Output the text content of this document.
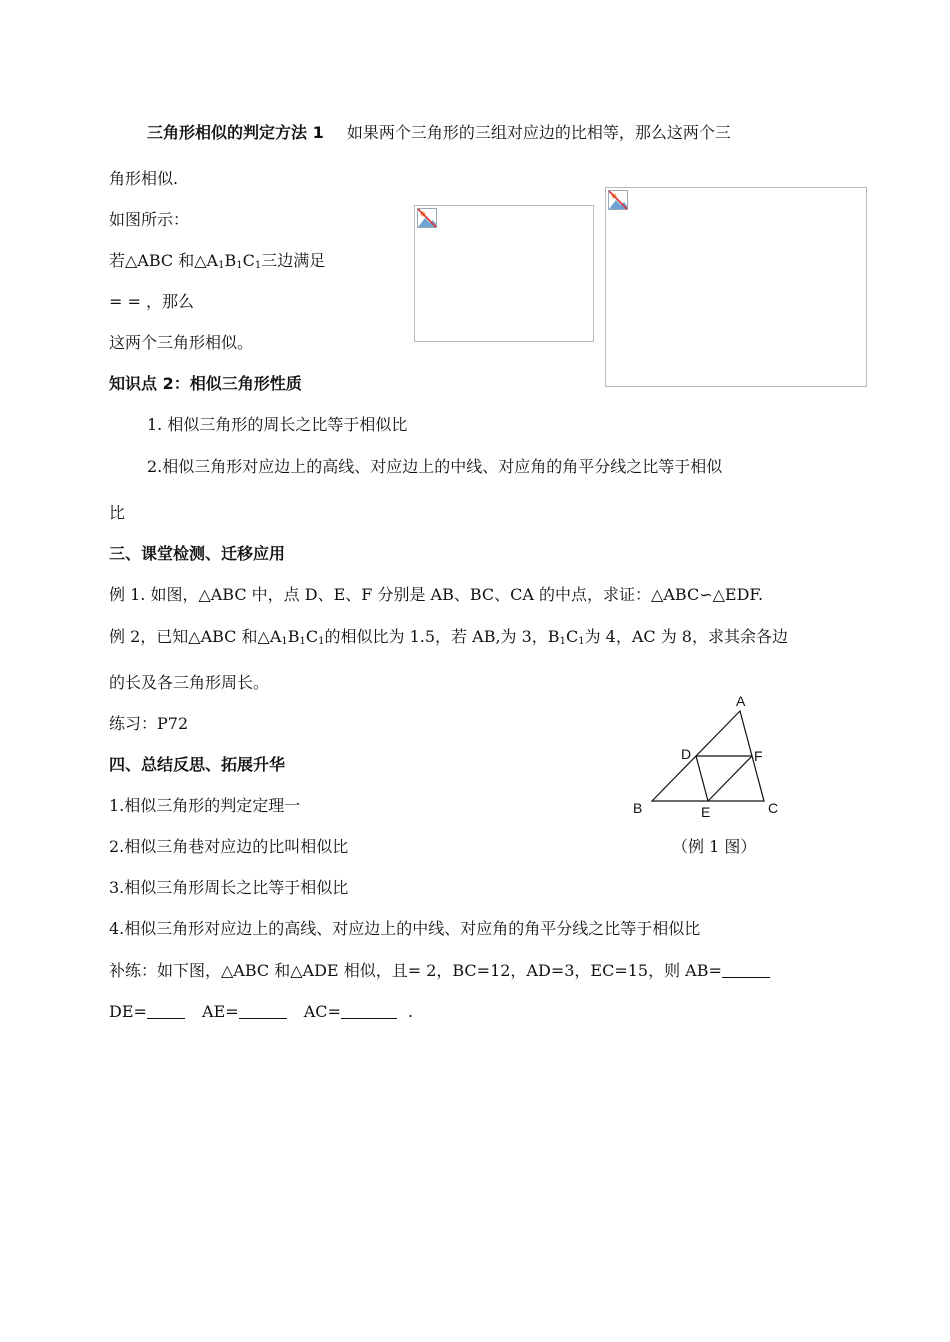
三角形相似的判定方法 1 如果两个三角形的三组对应边的比相等，那么这两个三
角形相似.
如图所示：
若△ABC 和$\triangle A_1B_1C_1$三边满足
= = ，那么
这两个三角形相似。
知识点 2：相似三角形性质
1. 相似三角形的周长之比等于相似比
2.相似三角形对应边上的高线、对应边上的中线、对应角的角平分线之比等于相似
比
三、课堂检测、迁移应用
例 1. 如图，△ABC 中，点 D、E、F 分别是 AB、BC、CA 的中点，求证：△ABC∽△EDF.
例 2，已知△ABC 和$\triangle A_1B_1C_1$的相似比为 1.5，若 AB,为 3，$B_1C_1$为 4，AC 为 8，求其余各边
的长及各三角形周长。
练习：P72
四、总结反思、拓展升华
1.相似三角形的判定定理一
2.相似三角巷对应边的比叫相似比
3.相似三角形周长之比等于相似比
4.相似三角形对应边上的高线、对应边上的中线、对应角的角平分线之比等于相似比
补练：如下图，△ABC 和△ADE 相似，且= 2，BC=12，AD=3，EC=15，则 AB=
DE=	AE=	AC=	.
A
D	F
B	E	C
（例 1 图）
